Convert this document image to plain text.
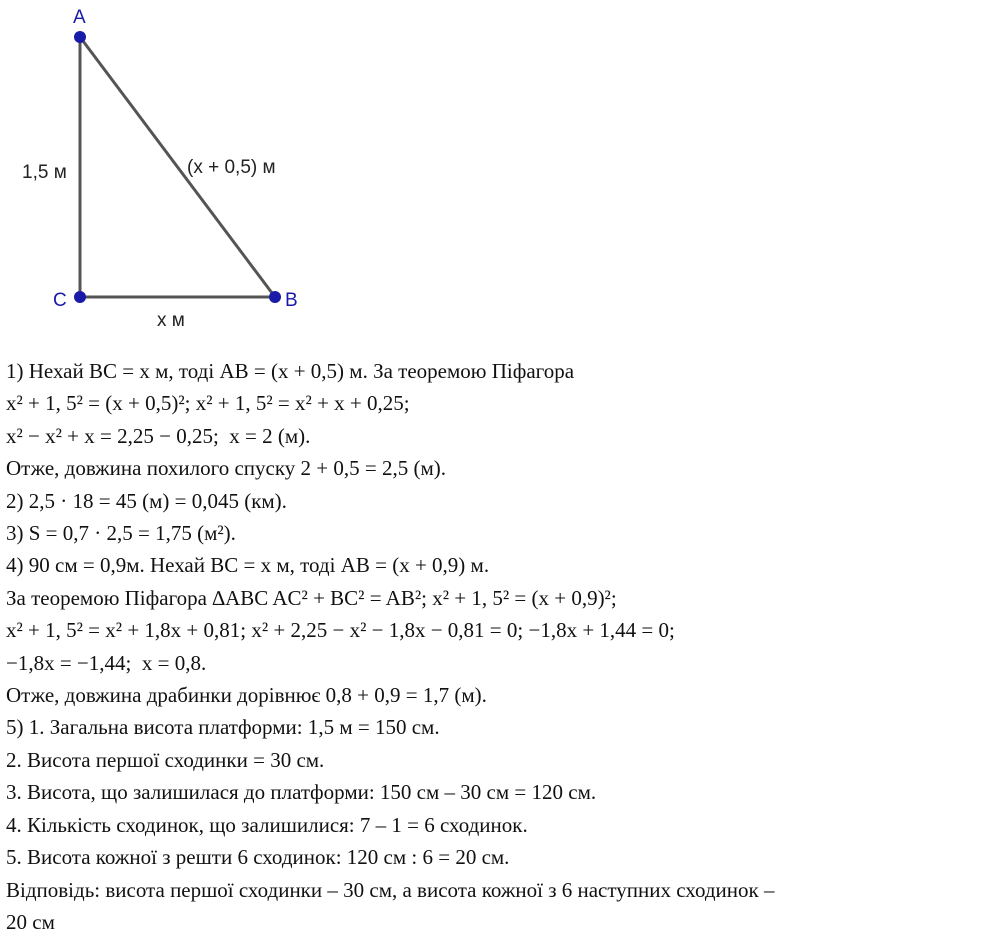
A
C	B
1,5 м	(x + 0,5) м
x м
1) Нехай BC = x м, тоді AB = (x + 0,5) м. За теоремою Піфагора
x² + 1, 5² = (x + 0,5)²; x² + 1, 5² = x² + x + 0,25;
x² − x² + x = 2,25 − 0,25;  x = 2 (м).
Отже, довжина похилого спуску 2 + 0,5 = 2,5 (м).
2) 2,5 · 18 = 45 (м) = 0,045 (км).
3) S = 0,7 · 2,5 = 1,75 (м²).
4) 90 см = 0,9м. Нехай BC = x м, тоді AB = (x + 0,9) м.
За теоремою Піфагора ∆ABC AC² + BC² = AB²; x² + 1, 5² = (x + 0,9)²;
x² + 1, 5² = x² + 1,8x + 0,81; x² + 2,25 − x² − 1,8x − 0,81 = 0; −1,8x + 1,44 = 0;
−1,8x = −1,44;  x = 0,8.
Отже, довжина драбинки дорівнює 0,8 + 0,9 = 1,7 (м).
5) 1. Загальна висота платформи: 1,5 м = 150 см.
2. Висота першої сходинки = 30 см.
3. Висота, що залишилася до платформи: 150 см – 30 см = 120 см.
4. Кількість сходинок, що залишилися: 7 – 1 = 6 сходинок.
5. Висота кожної з решти 6 сходинок: 120 см : 6 = 20 см.
Відповідь: висота першої сходинки – 30 см, а висота кожної з 6 наступних сходинок –
20 см
